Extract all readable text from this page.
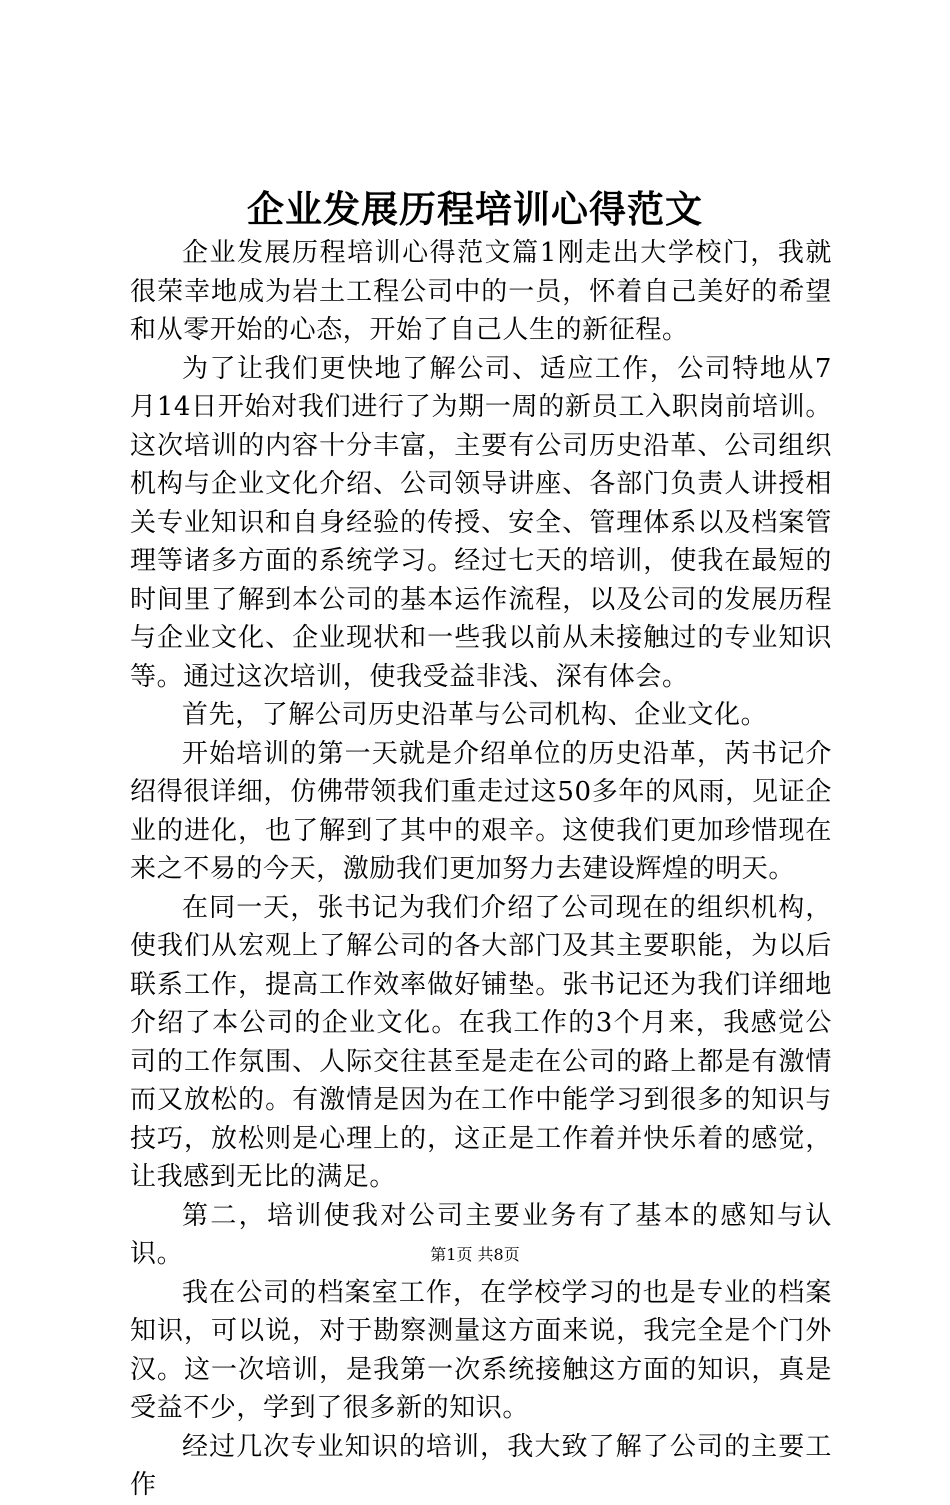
企业发展历程培训心得范文

企业发展历程培训心得范文篇1刚走出大学校门，我就很荣幸地成为岩土工程公司中的一员，怀着自己美好的希望和从零开始的心态，开始了自己人生的新征程。

为了让我们更快地了解公司、适应工作，公司特地从7月14日开始对我们进行了为期一周的新员工入职岗前培训。这次培训的内容十分丰富，主要有公司历史沿革、公司组织机构与企业文化介绍、公司领导讲座、各部门负责人讲授相关专业知识和自身经验的传授、安全、管理体系以及档案管理等诸多方面的系统学习。经过七天的培训，使我在最短的时间里了解到本公司的基本运作流程，以及公司的发展历程与企业文化、企业现状和一些我以前从未接触过的专业知识等。通过这次培训，使我受益非浅、深有体会。

首先，了解公司历史沿革与公司机构、企业文化。

开始培训的第一天就是介绍单位的历史沿革，芮书记介绍得很详细，仿佛带领我们重走过这50多年的风雨，见证企业的进化，也了解到了其中的艰辛。这使我们更加珍惜现在来之不易的今天，激励我们更加努力去建设辉煌的明天。

在同一天，张书记为我们介绍了公司现在的组织机构，使我们从宏观上了解公司的各大部门及其主要职能，为以后联系工作，提高工作效率做好铺垫。张书记还为我们详细地介绍了本公司的企业文化。在我工作的3个月来，我感觉公司的工作氛围、人际交往甚至是走在公司的路上都是有激情而又放松的。有激情是因为在工作中能学习到很多的知识与技巧，放松则是心理上的，这正是工作着并快乐着的感觉，让我感到无比的满足。

第二，培训使我对公司主要业务有了基本的感知与认识。

我在公司的档案室工作，在学校学习的也是专业的档案知识，可以说，对于勘察测量这方面来说，我完全是个门外汉。这一次培训，是我第一次系统接触这方面的知识，真是受益不少，学到了很多新的知识。

经过几次专业知识的培训，我大致了解了公司的主要工作

第1页 共8页
